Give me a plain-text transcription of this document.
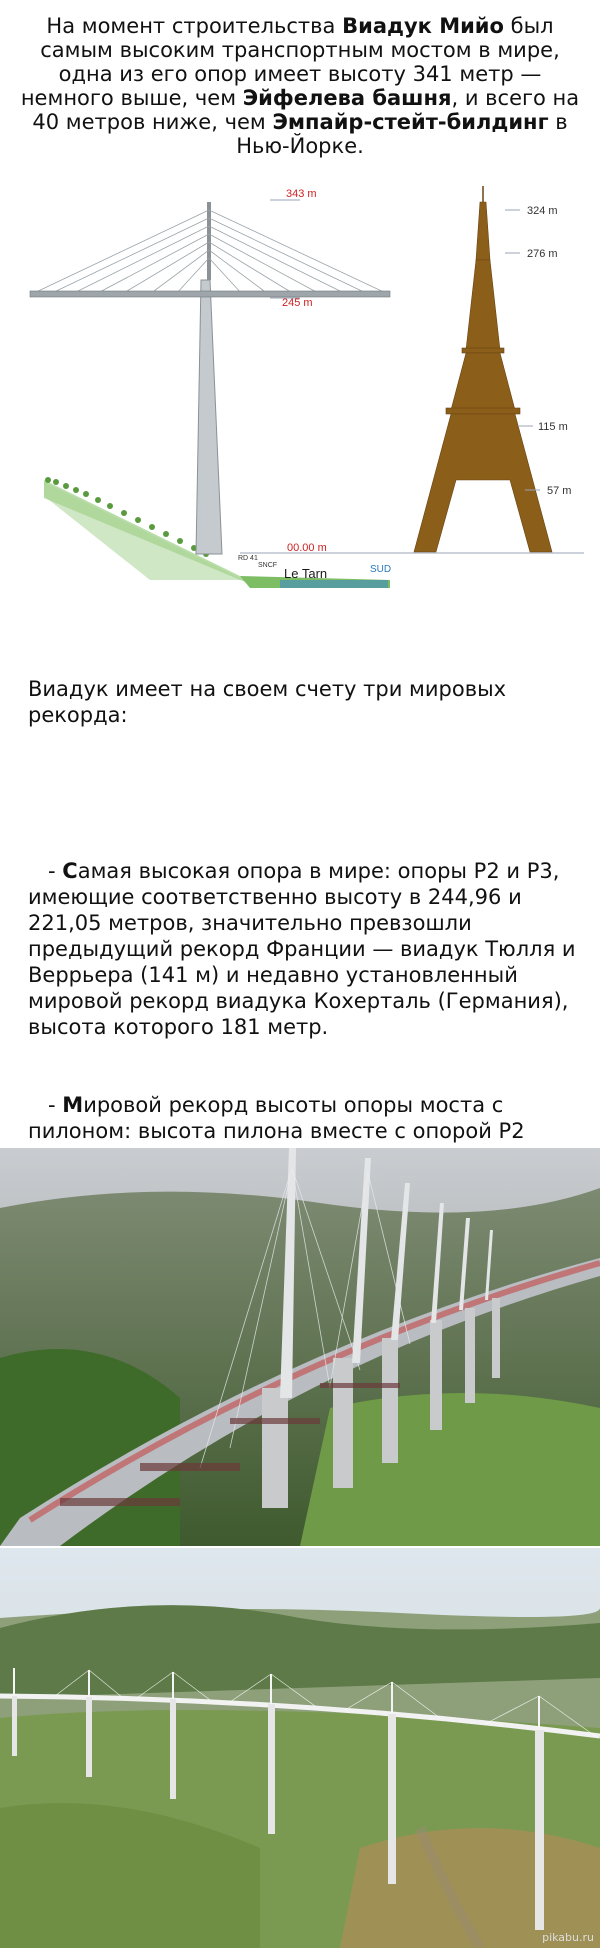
На момент строительства Виадук Мийо был самым высоким транспортным мостом в мире, одна из его опор имеет высоту 341 метр — немного выше, чем Эйфелева башня, и всего на 40 метров ниже, чем Эмпайр-стейт-билдинг в Нью-Йорке.
343 m
245 m
00.00 m
RD 41
SNCF
Le Tarn	SUD
324 m
276 m
115 m
57 m

Виадук имеет на своем счету три мировых рекорда:

- Самая высокая опора в мире: опоры P2 и P3, имеющие соответственно высоту в 244,96 и 221,05 метров, значительно превзошли предыдущий рекорд Франции — виадук Тюлля и Веррьера (141 м) и недавно установленный мировой рекорд виадука Кохерталь (Германия), высота которого 181 метр.

- Мировой рекорд высоты опоры моста с пилоном: высота пилона вместе с опорой P2

pikabu.ru
